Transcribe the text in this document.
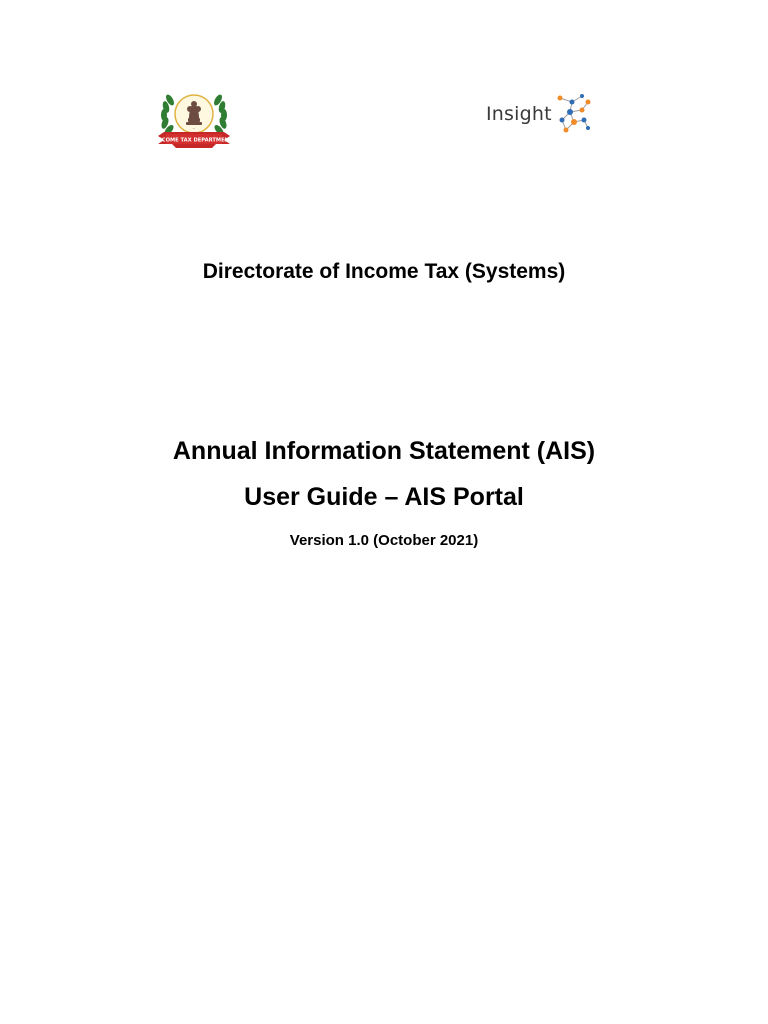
~
INCOME TAX DEPARTMENT
Insight
Directorate of Income Tax (Systems)
Annual Information Statement (AIS)
User Guide – AIS Portal
Version 1.0 (October 2021)
